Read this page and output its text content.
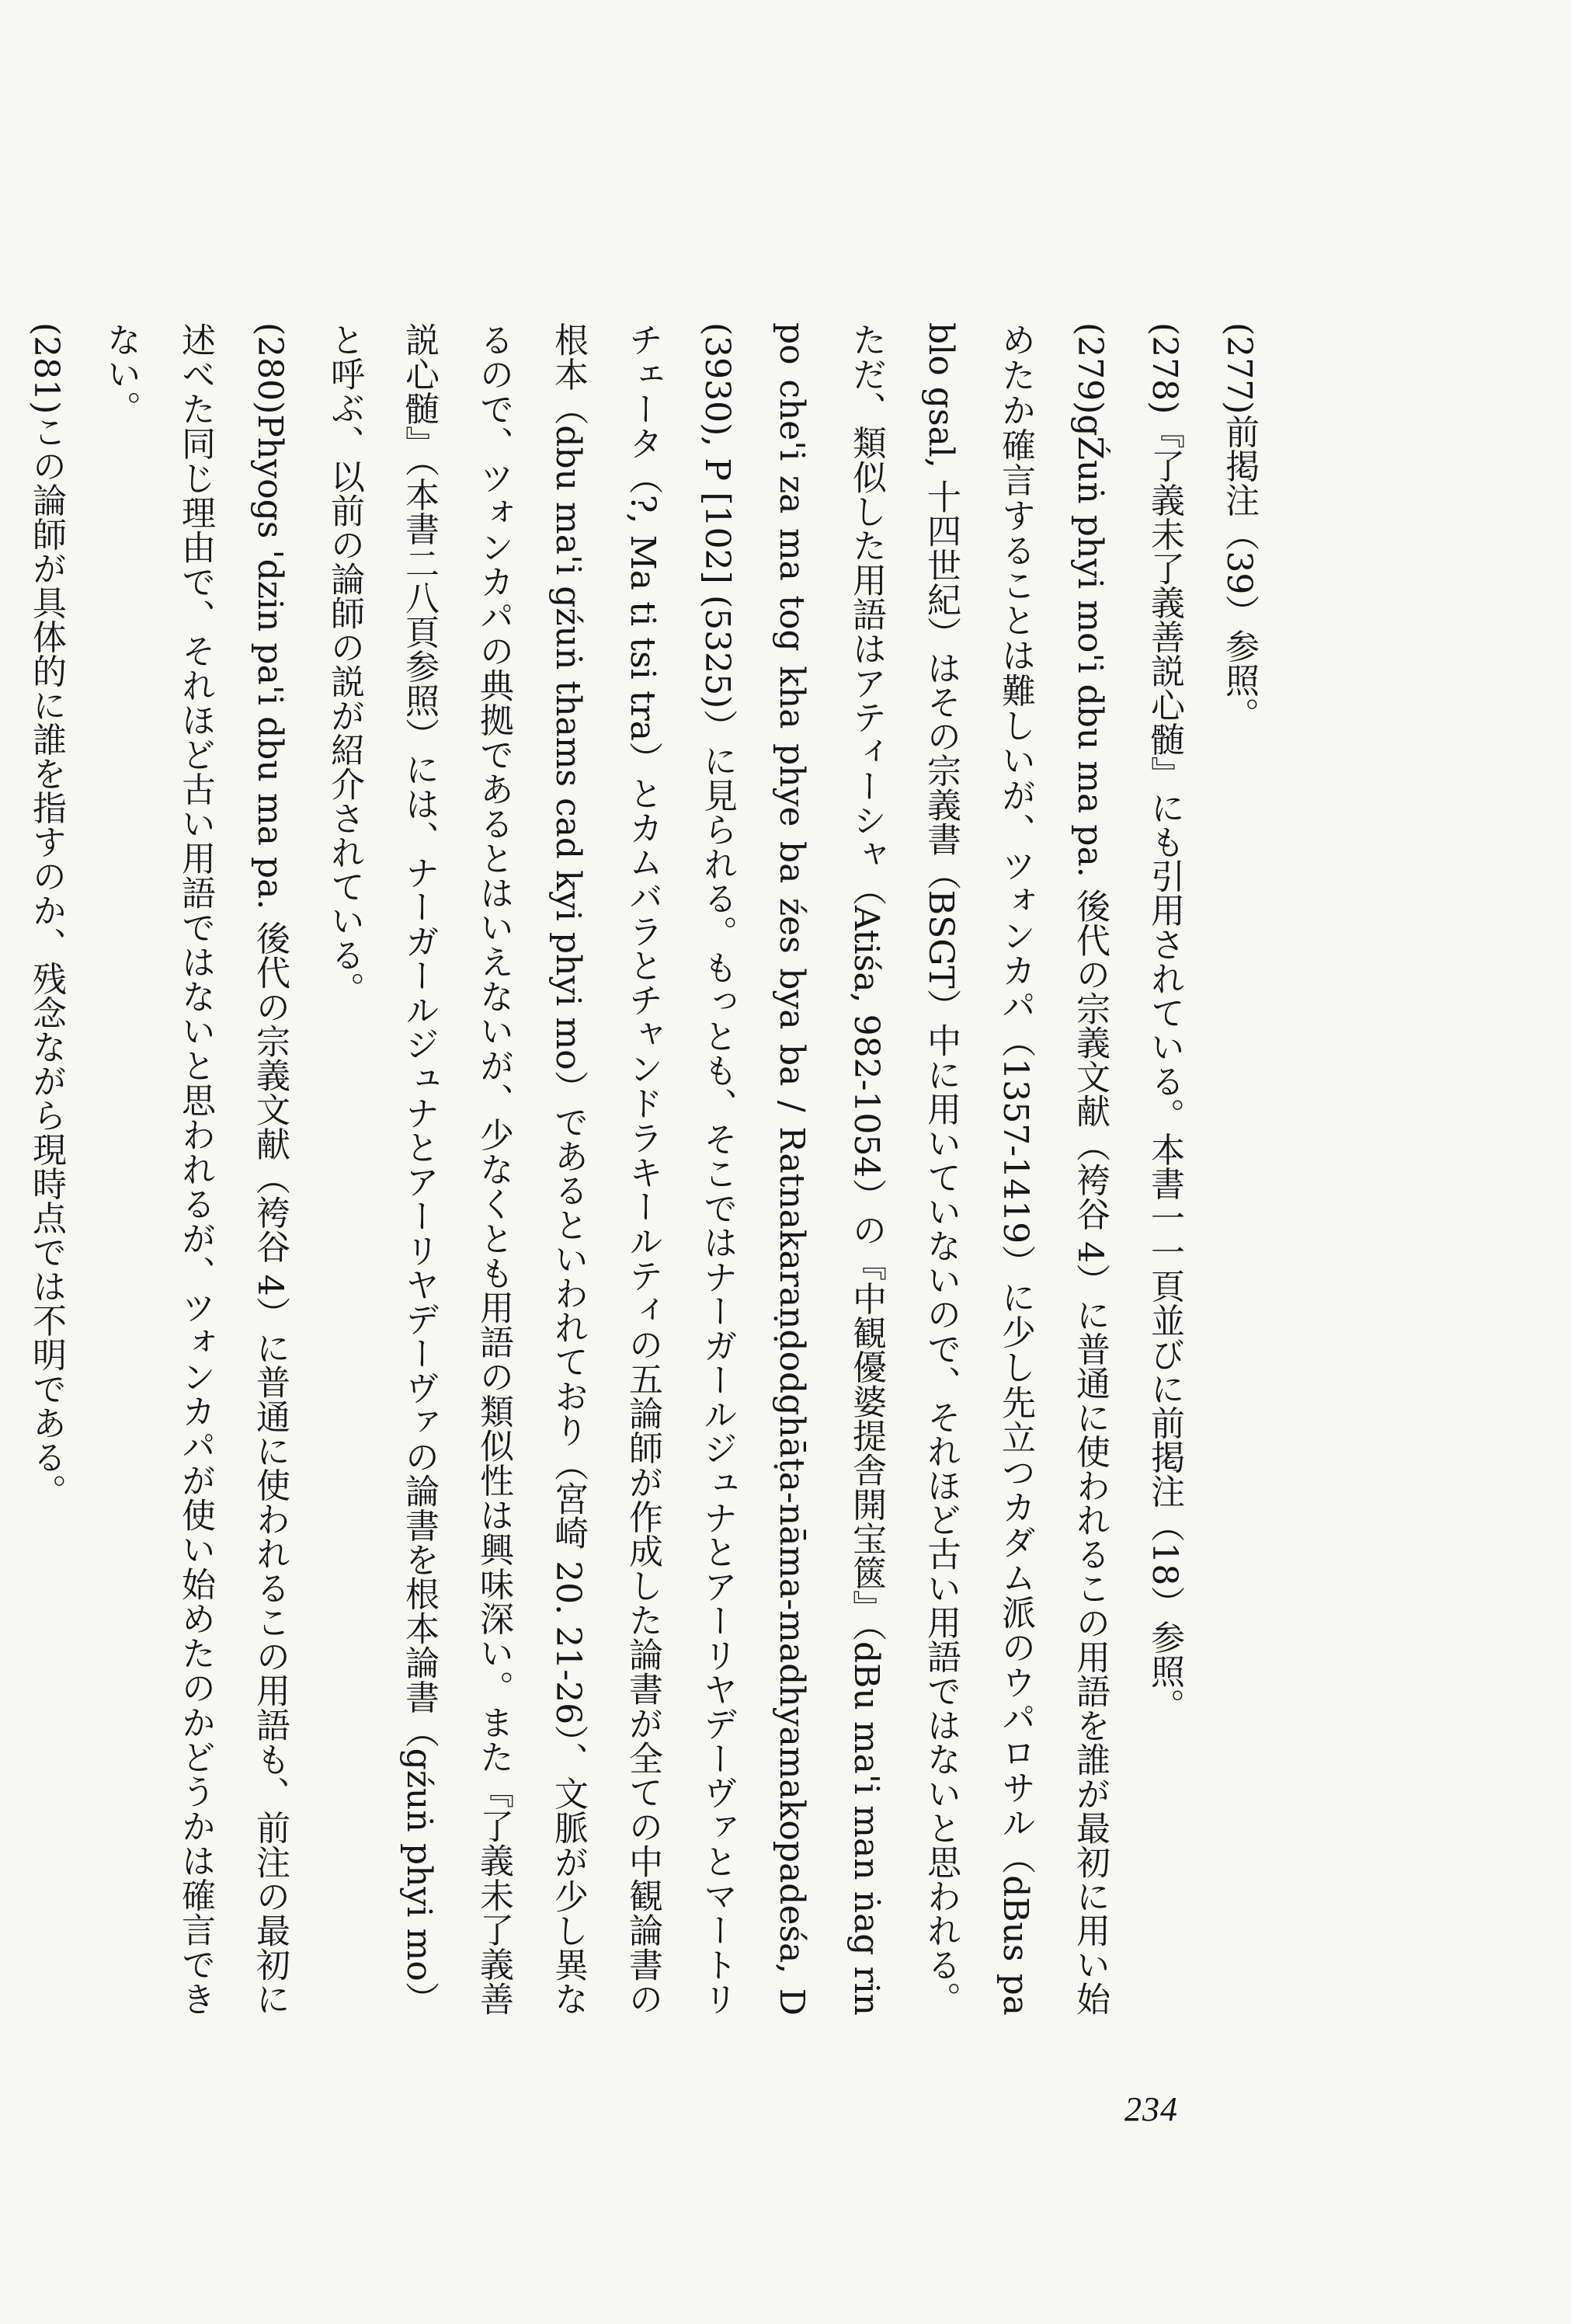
(277)前掲注（39）参照。

(278)『了義未了義善説心髄』にも引用されている。本書一一頁並びに前掲注（18）参照。

(279)gŹuṅ phyi mo'i dbu ma pa. 後代の宗義文献（袴谷 4）に普通に使われるこの用語を誰が最初に用い始めたか確言することは難しいが、ツォンカパ（1357-1419）に少し先立つカダム派のウパロサル（dBus pa blo gsal, 十四世紀）はその宗義書（BSGT）中に用いていないので、それほど古い用語ではないと思われる。ただ、類似した用語はアティーシャ（Atiśa, 982-1054）の『中観優婆提舎開宝篋』（dBu ma'i man ṅag rin po che'i za ma tog kha phye ba źes bya ba / Ratnakaraṇḍodghāṭa-nāma-madhyamakopadeśa, D (3930), P [102] (5325)）に見られる。もっとも、そこではナーガールジュナとアーリヤデーヴァとマートリチェータ（?, Ma ti tsi tra）とカムバラとチャンドラキールティの五論師が作成した論書が全ての中観論書の根本（dbu ma'i gźuṅ thams cad kyi phyi mo）であるといわれており（宮崎 20. 21-26）、文脈が少し異なるので、ツォンカパの典拠であるとはいえないが、少なくとも用語の類似性は興味深い。また『了義未了義善説心髄』（本書二八頁参照）には、ナーガールジュナとアーリヤデーヴァの論書を根本論書（gźuṅ phyi mo）と呼ぶ、以前の論師の説が紹介されている。

(280)Phyogs 'dzin pa'i dbu ma pa. 後代の宗義文献（袴谷 4）に普通に使われるこの用語も、前注の最初に述べた同じ理由で、それほど古い用語ではないと思われるが、ツォンカパが使い始めたのかどうかは確言できない。

(281)この論師が具体的に誰を指すのか、残念ながら現時点では不明である。

234
